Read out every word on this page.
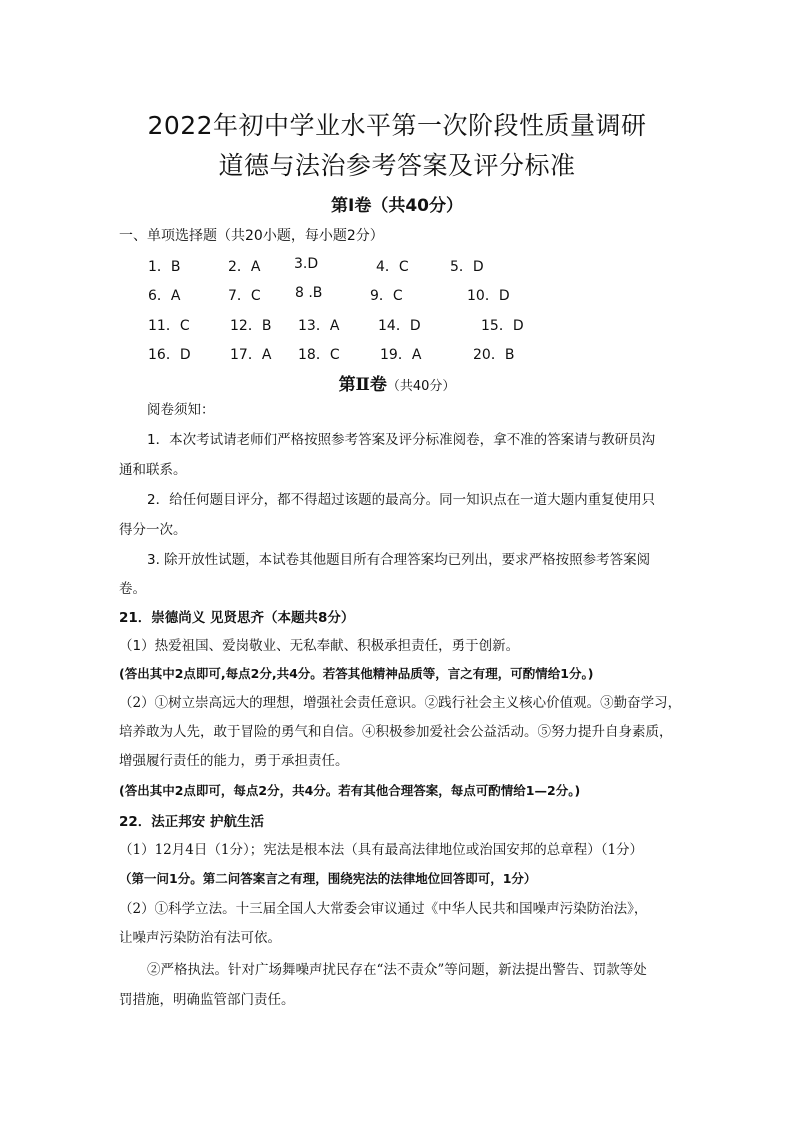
2022年初中学业水平第一次阶段性质量调研
道德与法治参考答案及评分标准
第Ⅰ卷（共40分）
一、单项选择题（共20小题，每小题2分）
1．B	2．A 3.D	4．C	5．D
6．A	7．C 8 .B	9．C	10．D
11．C	12．B 13．A	14．D	15．D
16．D	17．A 18．C	19．A	20．B
第Ⅱ卷（共40分）
阅卷须知：
1．本次考试请老师们严格按照参考答案及评分标准阅卷，拿不准的答案请与教研员沟
通和联系。
2．给任何题目评分，都不得超过该题的最高分。同一知识点在一道大题内重复使用只
得分一次。
3. 除开放性试题，本试卷其他题目所有合理答案均已列出，要求严格按照参考答案阅
卷。
21．崇德尚义 见贤思齐（本题共8分）
（1）热爱祖国、爱岗敬业、无私奉献、积极承担责任，勇于创新。
(答出其中2点即可,每点2分,共4分。若答其他精神品质等，言之有理，可酌情给1分。)
（2）①树立崇高远大的理想，增强社会责任意识。②践行社会主义核心价值观。③勤奋学习，
培养敢为人先，敢于冒险的勇气和自信。④积极参加爱社会公益活动。⑤努力提升自身素质，
增强履行责任的能力，勇于承担责任。
(答出其中2点即可，每点2分，共4分。若有其他合理答案，每点可酌情给1—2分。)
22．法正邦安 护航生活
（1）12月4日（1分）；宪法是根本法（具有最高法律地位或治国安邦的总章程）（1分）
（第一问1分。第二问答案言之有理，围绕宪法的法律地位回答即可，1分）
（2）①科学立法。十三届全国人大常委会审议通过《中华人民共和国噪声污染防治法》，
让噪声污染防治有法可依。
②严格执法。针对广场舞噪声扰民存在“法不责众”等问题，新法提出警告、罚款等处
罚措施，明确监管部门责任。
